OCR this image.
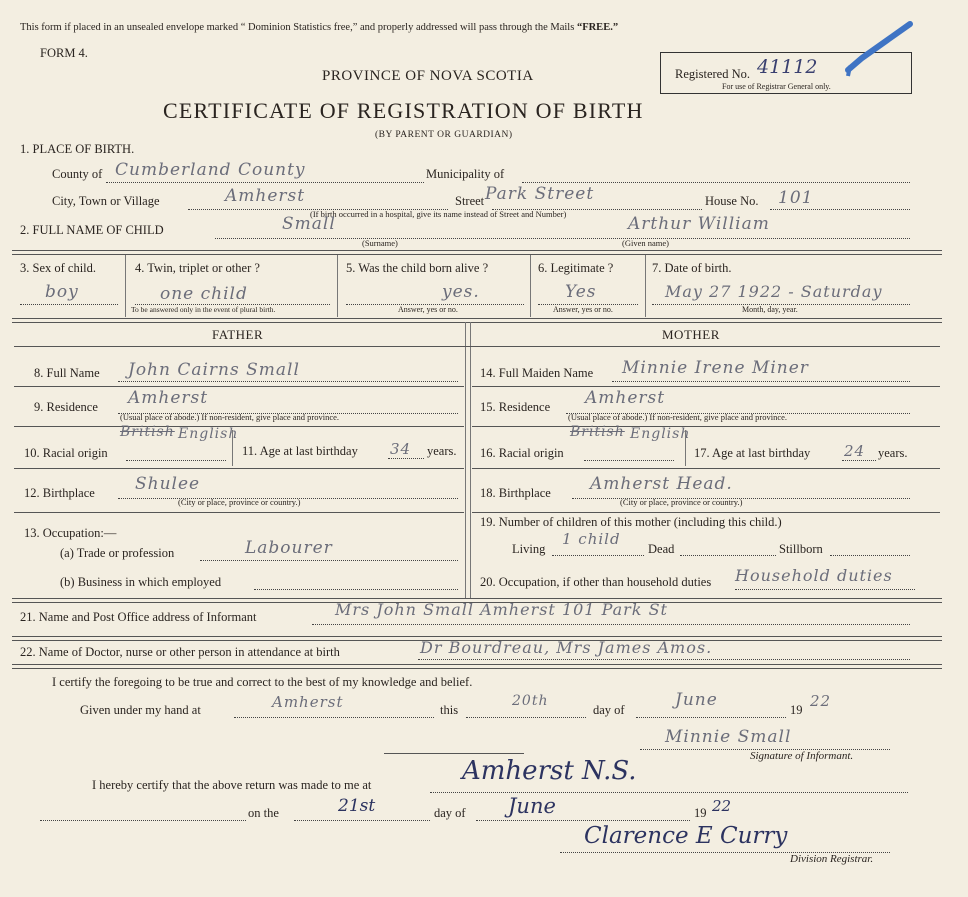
This form if placed in an unsealed envelope marked “ Dominion Statistics free,” and properly addressed will pass through the Mails “FREE.”
FORM 4.
PROVINCE OF NOVA SCOTIA
CERTIFICATE OF REGISTRATION OF BIRTH
(BY PARENT OR GUARDIAN)
Registered No. 41112
For use of Registrar General only.
1. PLACE OF BIRTH.
County of Cumberland County	Municipality of
City, Town or Village	Amherst	Street Park Street	House No. 101
(If birth occurred in a hospital, give its name instead of Street and Number)
2. FULL NAME OF CHILD	Small	Arthur William
(Surname)	(Given name)
3. Sex of child.
boy
4. Twin, triplet or other ?
one child
To be answered only in the event of plural birth.
5. Was the child born alive ?
yes.
Answer, yes or no.
6. Legitimate ?
Yes
Answer, yes or no.
7. Date of birth.
May 27 1922 - Saturday
Month, day, year.
FATHER	MOTHER
8. Full Name John Cairns Small
9. Residence Amherst
(Usual place of abode.) If non-resident, give place and province.
10. Racial origin
British English
11. Age at last birthday 34 years.
12. Birthplace Shulee
(City or place, province or country.)
13. Occupation:—
(a) Trade or profession	Labourer
(b) Business in which employed
14. Full Maiden Name Minnie Irene Miner
15. Residence Amherst
(Usual place of abode.) If non-resident, give place and province.
16. Racial origin
British English
17. Age at last birthday 24 years.
18. Birthplace Amherst Head.
(City or place, province or country.)
19. Number of children of this mother (including this child.)
Living
1 child
Dead	Stillborn
20. Occupation, if other than household duties Household duties
21. Name and Post Office address of Informant	Mrs John Small Amherst 101 Park St
22. Name of Doctor, nurse or other person in attendance at birth	Dr Bourdreau, Mrs James Amos.
I certify the foregoing to be true and correct to the best of my knowledge and belief.
Given under my hand at	Amherst	this
20th
day of	June	19 22
Minnie Small
Signature of Informant.
I hereby certify that the above return was made to me at	Amherst N.S.
on the	21st	day of June	19 22
Clarence E Curry
Division Registrar.
